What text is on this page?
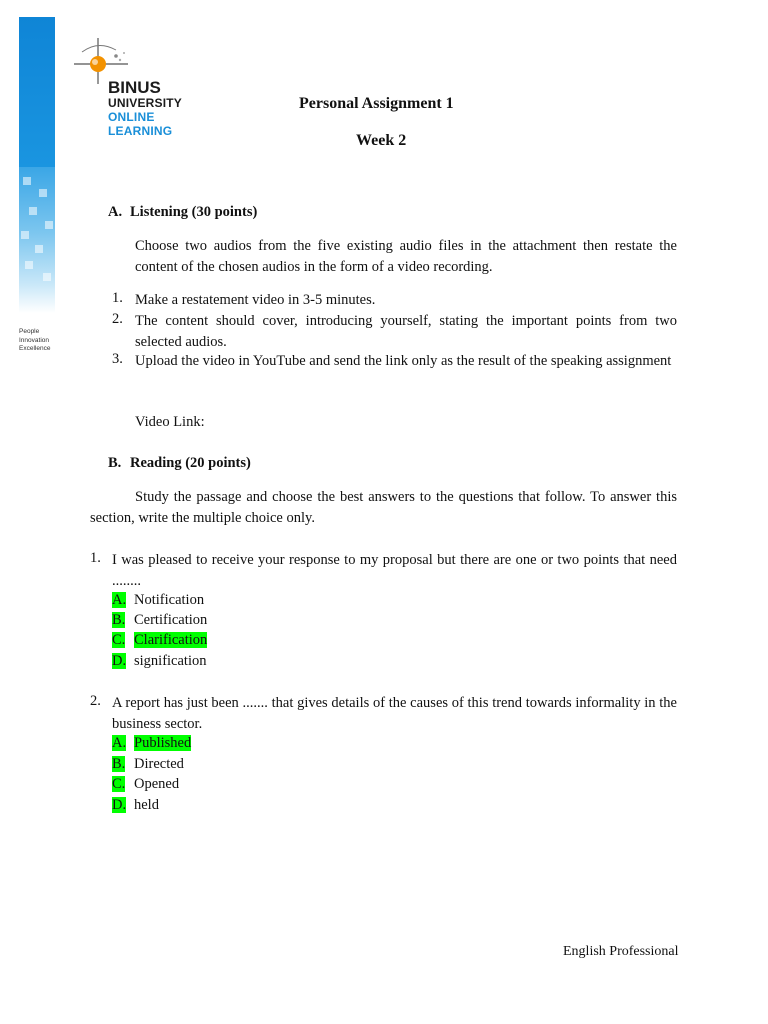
People
Innovation
Excellence
BINUS
UNIVERSITY
ONLINE
LEARNING
Personal Assignment 1
Week 2
A. Listening (30 points)
Choose two audios from the five existing audio files in the attachment then restate the content of the chosen audios in the form of a video recording.
1. Make a restatement video in 3-5 minutes.
2. The content should cover, introducing yourself, stating the important points from two selected audios.
3. Upload the video in YouTube and send the link only as the result of the speaking assignment
Video Link:
B. Reading (20 points)
Study the passage and choose the best answers to the questions that follow. To answer this section, write the multiple choice only.
1. I was pleased to receive your response to my proposal but there are one or two points that need ........
A. Notification
B. Certification
C. Clarification
D. signification
2. A report has just been ....... that gives details of the causes of this trend towards informality in the business sector.
A. Published
B. Directed
C. Opened
D. held
English Professional
